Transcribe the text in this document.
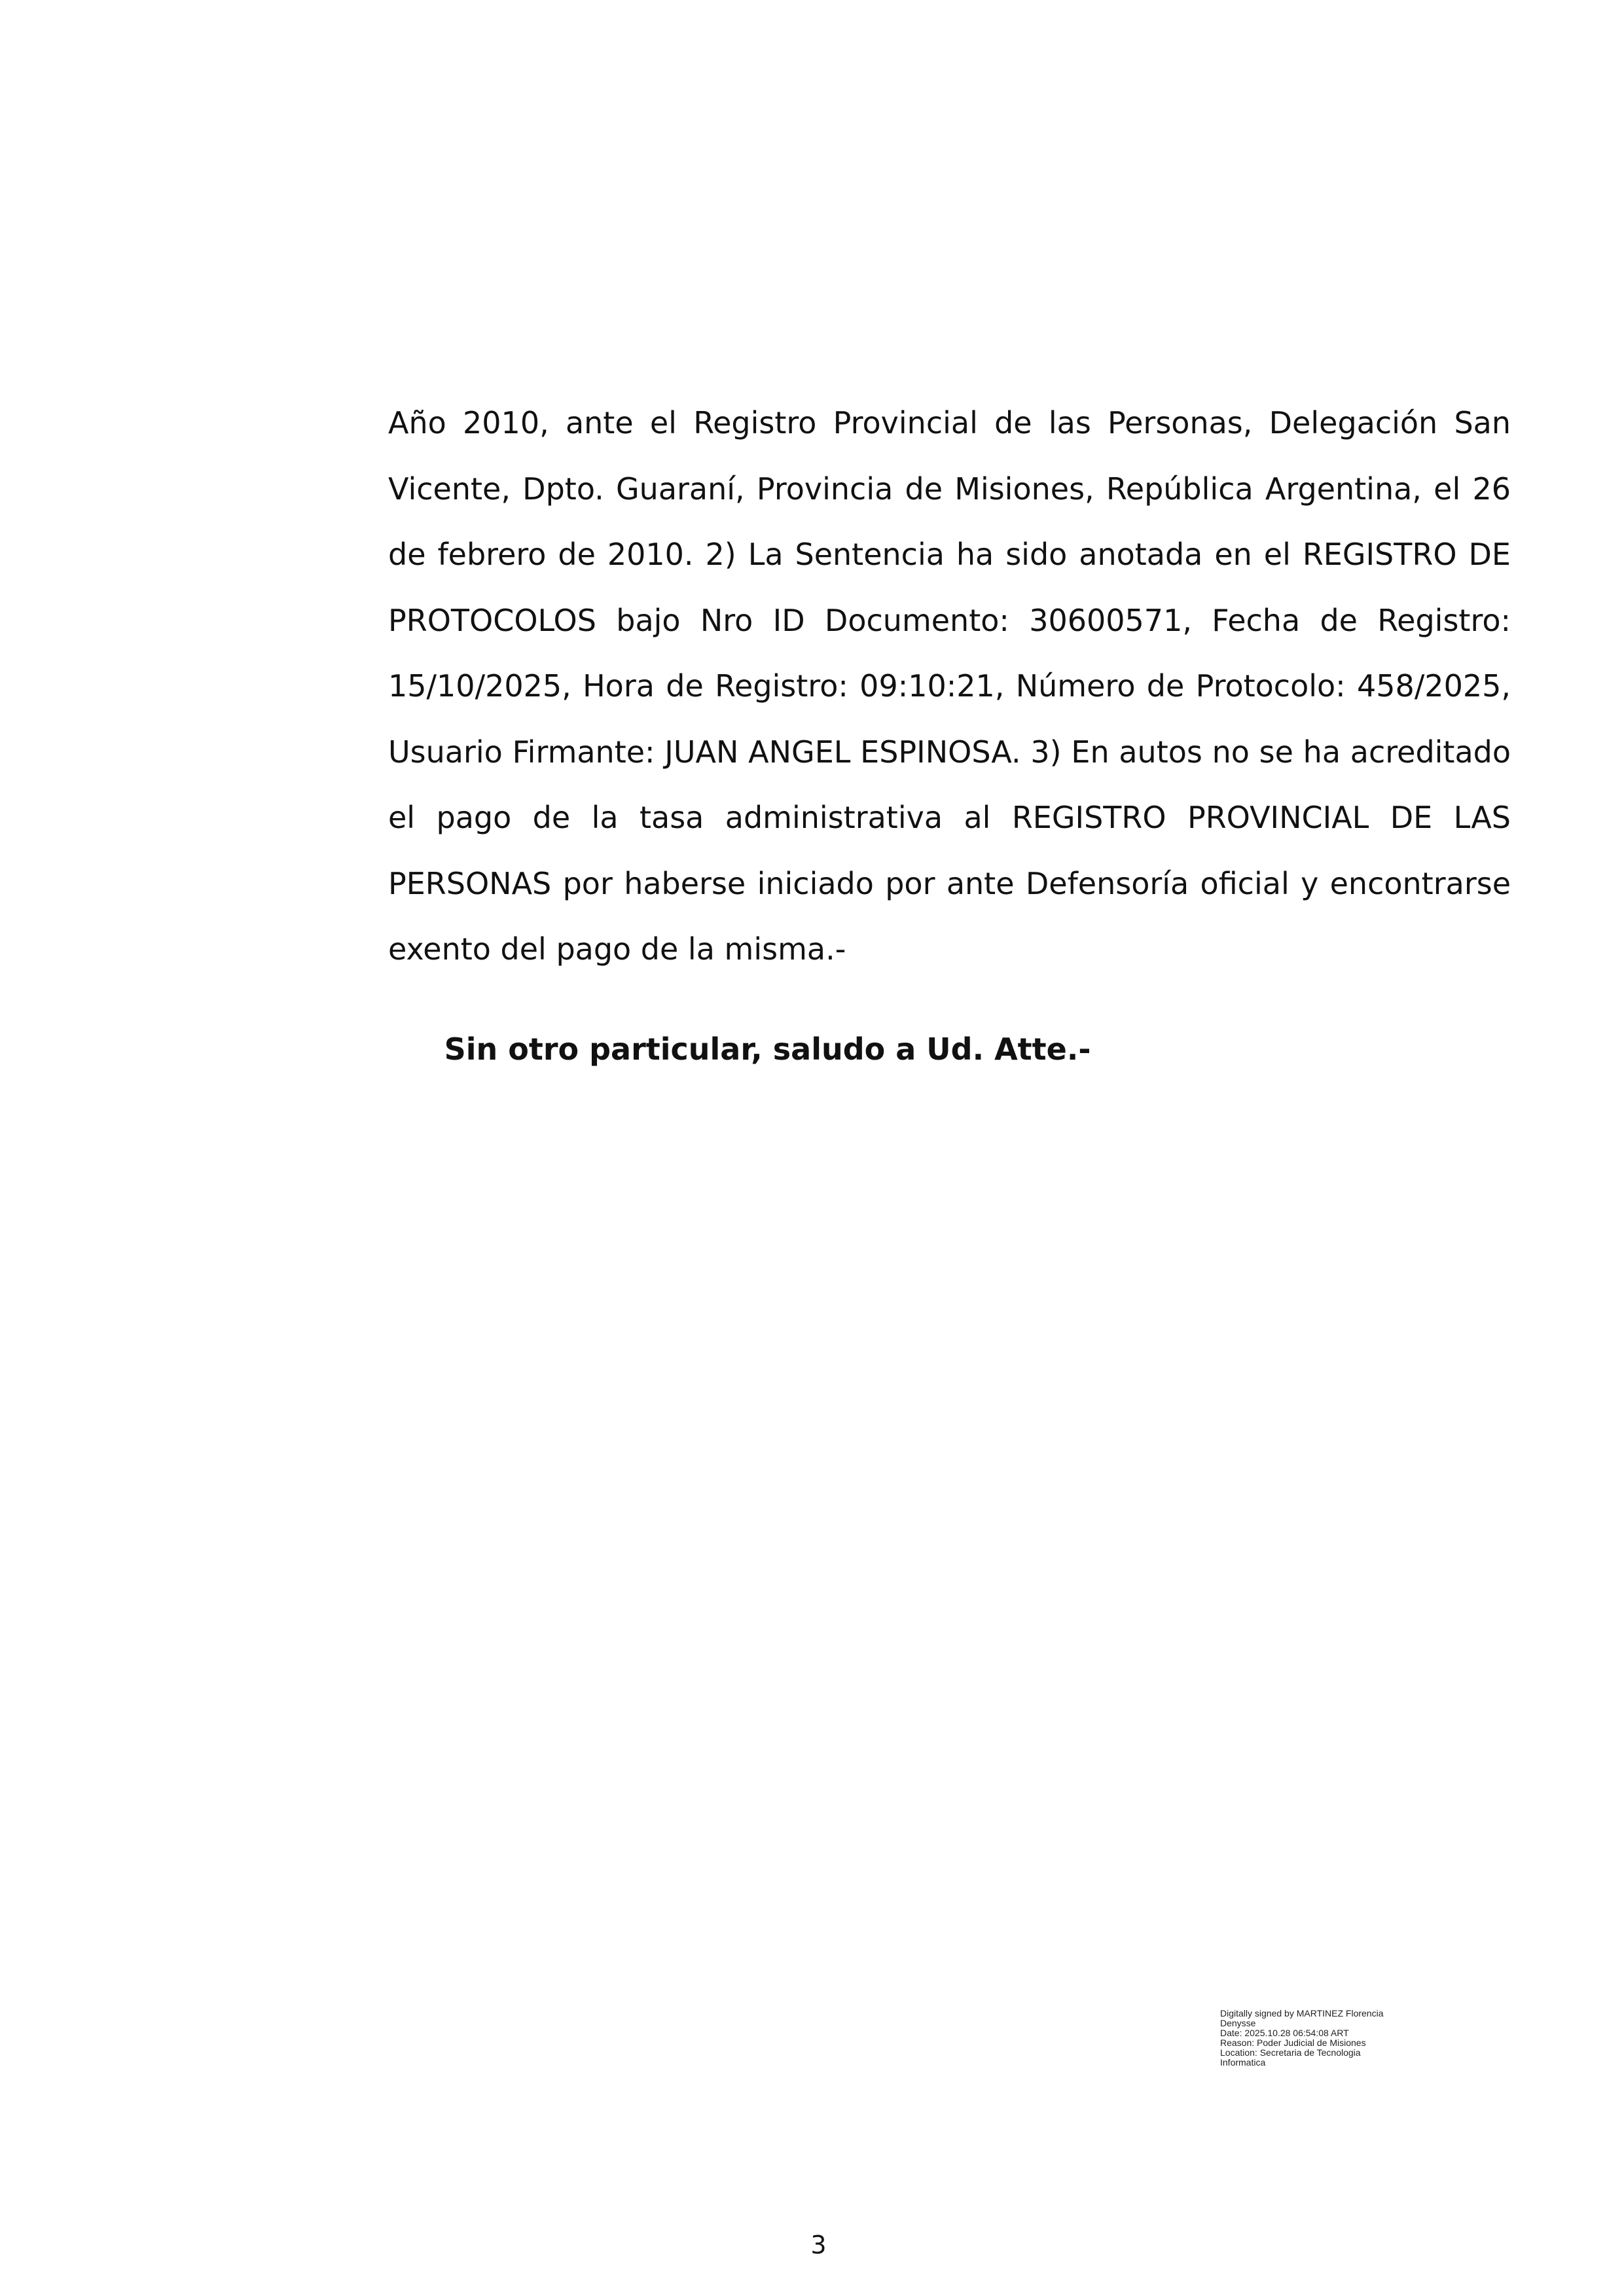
Año 2010, ante el Registro Provincial de las Personas, Delegación San
Vicente, Dpto. Guaraní, Provincia de Misiones, República Argentina, el 26
de febrero de 2010. 2) La Sentencia ha sido anotada en el REGISTRO DE
PROTOCOLOS bajo Nro ID Documento: 30600571, Fecha de Registro:
15/10/2025, Hora de Registro: 09:10:21, Número de Protocolo: 458/2025,
Usuario Firmante: JUAN ANGEL ESPINOSA. 3) En autos no se ha acreditado
el pago de la tasa administrativa al REGISTRO PROVINCIAL DE LAS
PERSONAS por haberse iniciado por ante Defensoría oficial y encontrarse
exento del pago de la misma.-

Sin otro particular, saludo a Ud. Atte.-

Digitally signed by MARTINEZ Florencia
Denysse
Date: 2025.10.28 06:54:08 ART
Reason: Poder Judicial de Misiones
Location: Secretaria de Tecnologia
Informatica
3
